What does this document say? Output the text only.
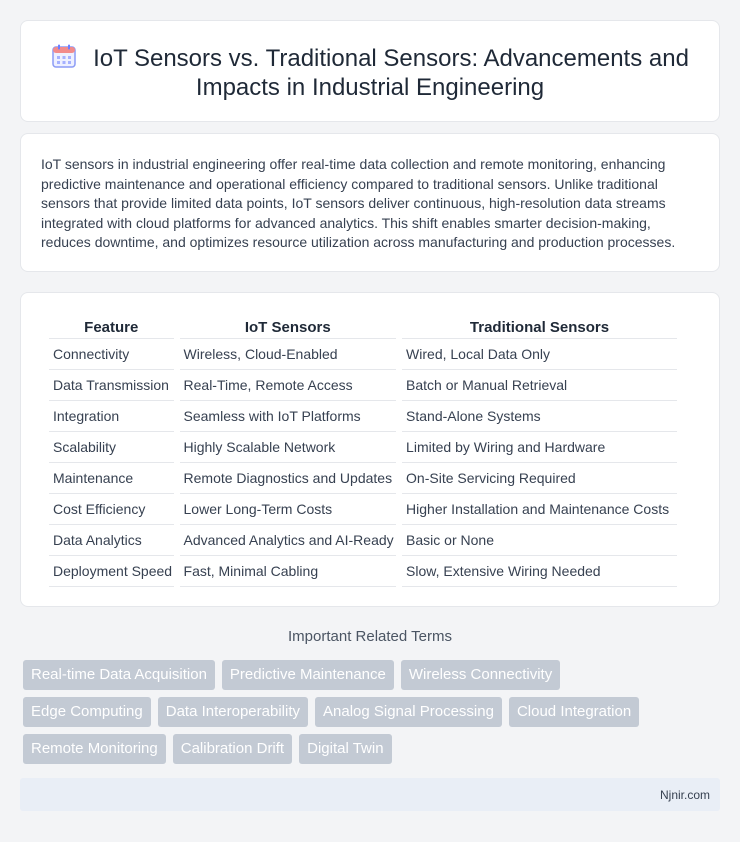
IoT Sensors vs. Traditional Sensors: Advancements and
Impacts in Industrial Engineering

IoT sensors in industrial engineering offer real-time data collection and remote monitoring, enhancing predictive maintenance and operational efficiency compared to traditional sensors. Unlike traditional sensors that provide limited data points, IoT sensors deliver continuous, high-resolution data streams integrated with cloud platforms for advanced analytics. This shift enables smarter decision-making, reduces downtime, and optimizes resource utilization across manufacturing and production processes.

Feature	IoT Sensors	Traditional Sensors
Connectivity	Wireless, Cloud-Enabled	Wired, Local Data Only
Data Transmission	Real-Time, Remote Access	Batch or Manual Retrieval
Integration	Seamless with IoT Platforms	Stand-Alone Systems
Scalability	Highly Scalable Network	Limited by Wiring and Hardware
Maintenance	Remote Diagnostics and Updates	On-Site Servicing Required
Cost Efficiency	Lower Long-Term Costs	Higher Installation and Maintenance Costs
Data Analytics	Advanced Analytics and AI-Ready	Basic or None
Deployment Speed	Fast, Minimal Cabling	Slow, Extensive Wiring Needed
Important Related Terms
Real-time Data Acquisition	Predictive Maintenance	Wireless Connectivity
Edge Computing	Data Interoperability	Analog Signal Processing	Cloud Integration
Remote Monitoring	Calibration Drift	Digital Twin
Njnir.com
